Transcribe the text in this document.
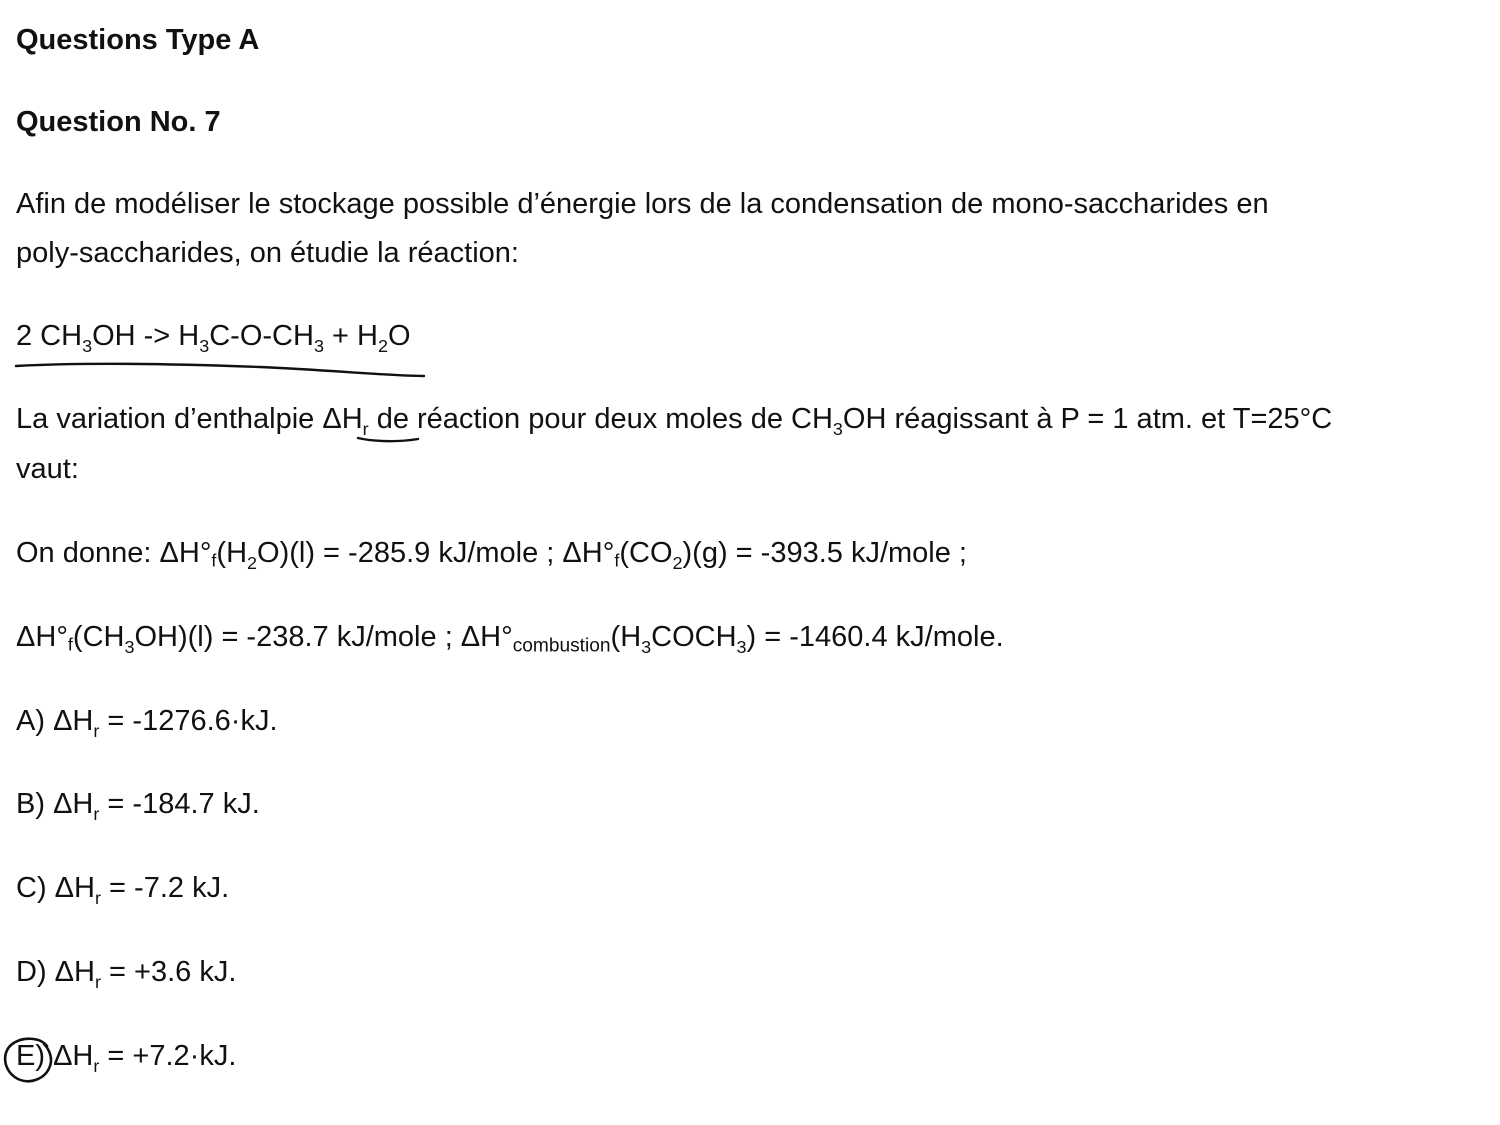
Questions Type A
Question No. 7
Afin de modéliser le stockage possible d’énergie lors de la condensation de mono-saccharides en
poly-saccharides, on étudie la réaction:
2 $CH_3OH -> H_3C-O-CH_3 + H_2O$
La variation d’enthalpie $\Delta H_r$ de réaction pour deux moles de $CH_3OH$ réagissant à P = 1 atm. et T=25°C
vaut:
On donne: $\Delta H^\circ f(H_2O)(l) = -285.9$ kJ/mole ; $\Delta H^\circ f(CO_2)(g) = -393.5$ kJ/mole ;
$\Delta H^\circ f(CH_3OH)(l) = -238.7$ kJ/mole ; $\Delta H^\circ combustion(H_3COCH_3) = -1460.4$ kJ/mole.
A) $\Delta H_r = -1276.6\cdot kJ$.
B) $\Delta H_r = -184.7$ kJ.
C) $\Delta H_r = -7.2$ kJ.
D) $\Delta H_r = +3.6$ kJ.
E) $\Delta H_r = +7.2\cdot kJ$.
